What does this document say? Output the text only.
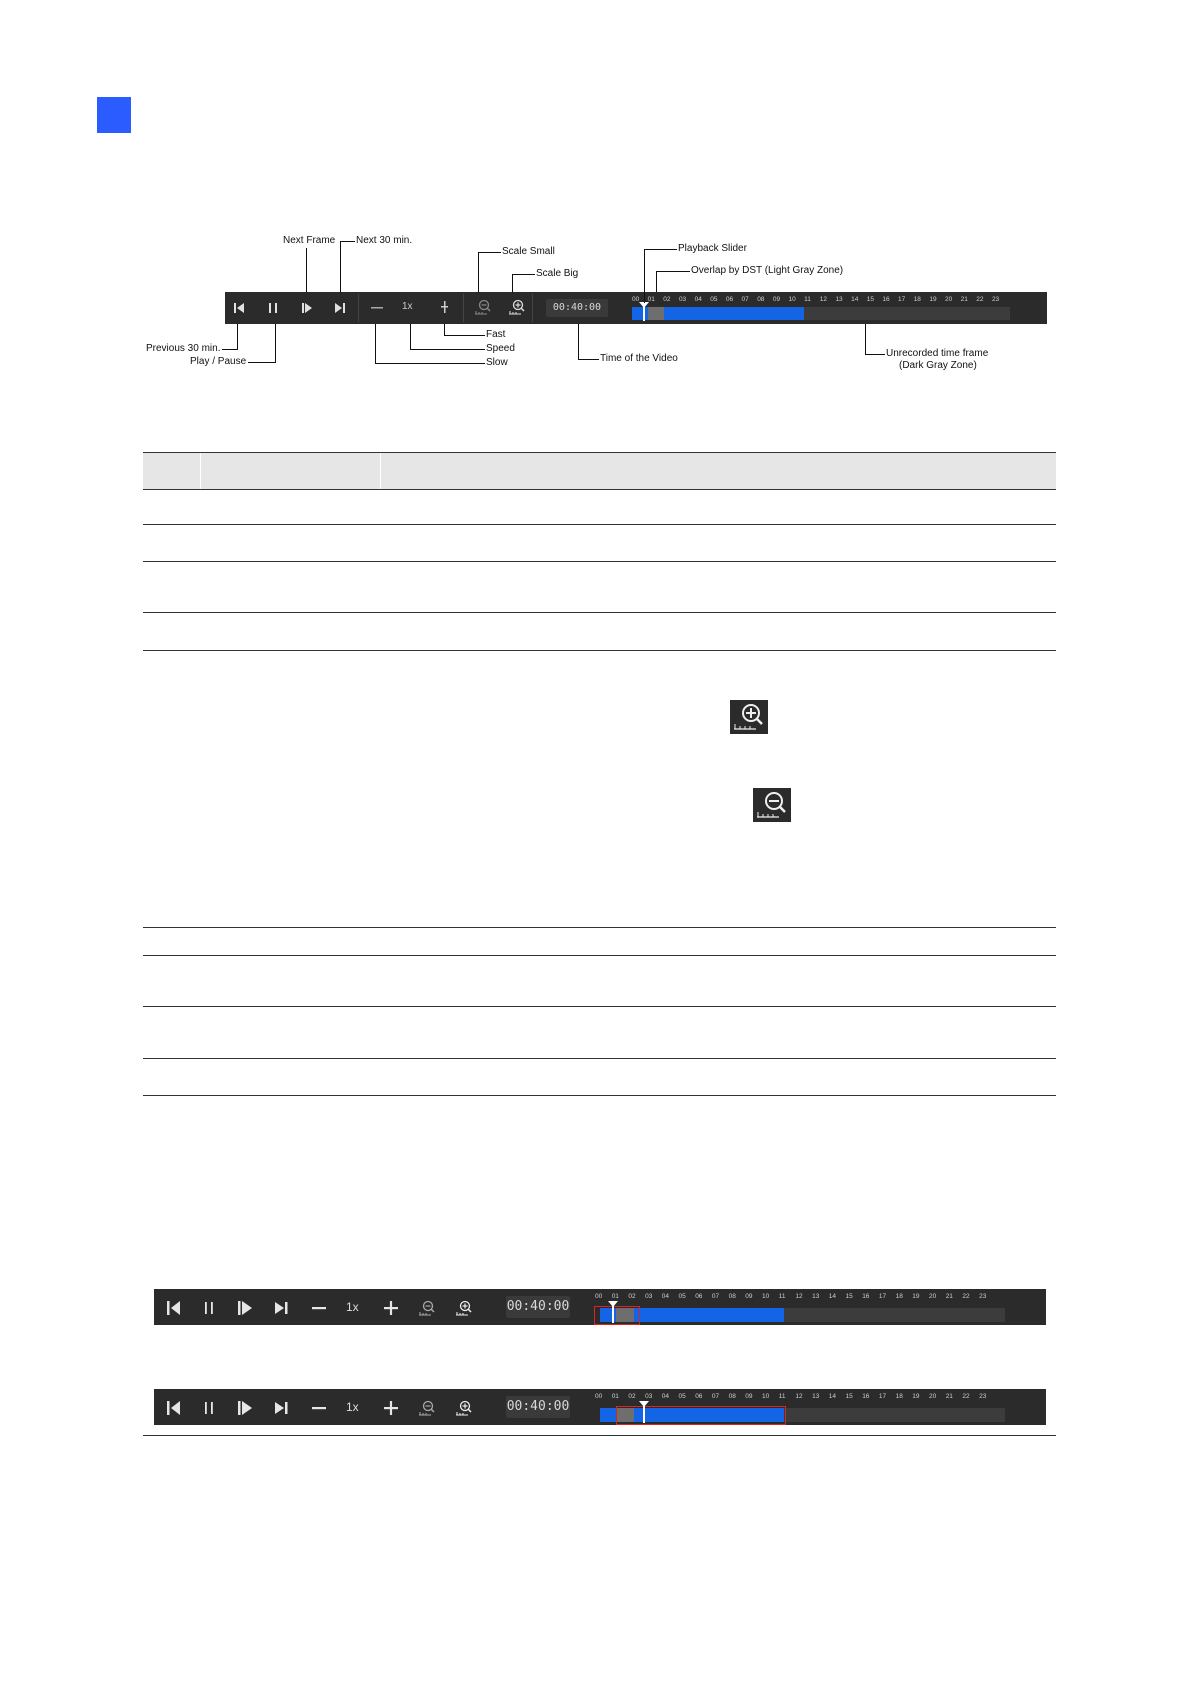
1x	00:40:00
Next Frame Next 30 min.
Scale Small
Scale Big
Playback Slider
Overlap by DST (Light Gray Zone)
Previous 30 min.
Play / Pause
Fast
Speed
Slow	Time of the Video	Unrecorded time frame
(Dark Gray Zone)
00:40:00
00:40:00
00 01 02 03 04 05 06 07 08 09 10 11 12 13 14 15 16 17 18 19 20 21 22 23
00 01 02 03 04 05 06 07 08 09 10 11 12 13 14 15 16 17 18 19 20 21 22 23
00 01 02 03 04 05 06 07 08 09 10 11 12 13 14 15 16 17 18 19 20 21 22 23
1x
1x
